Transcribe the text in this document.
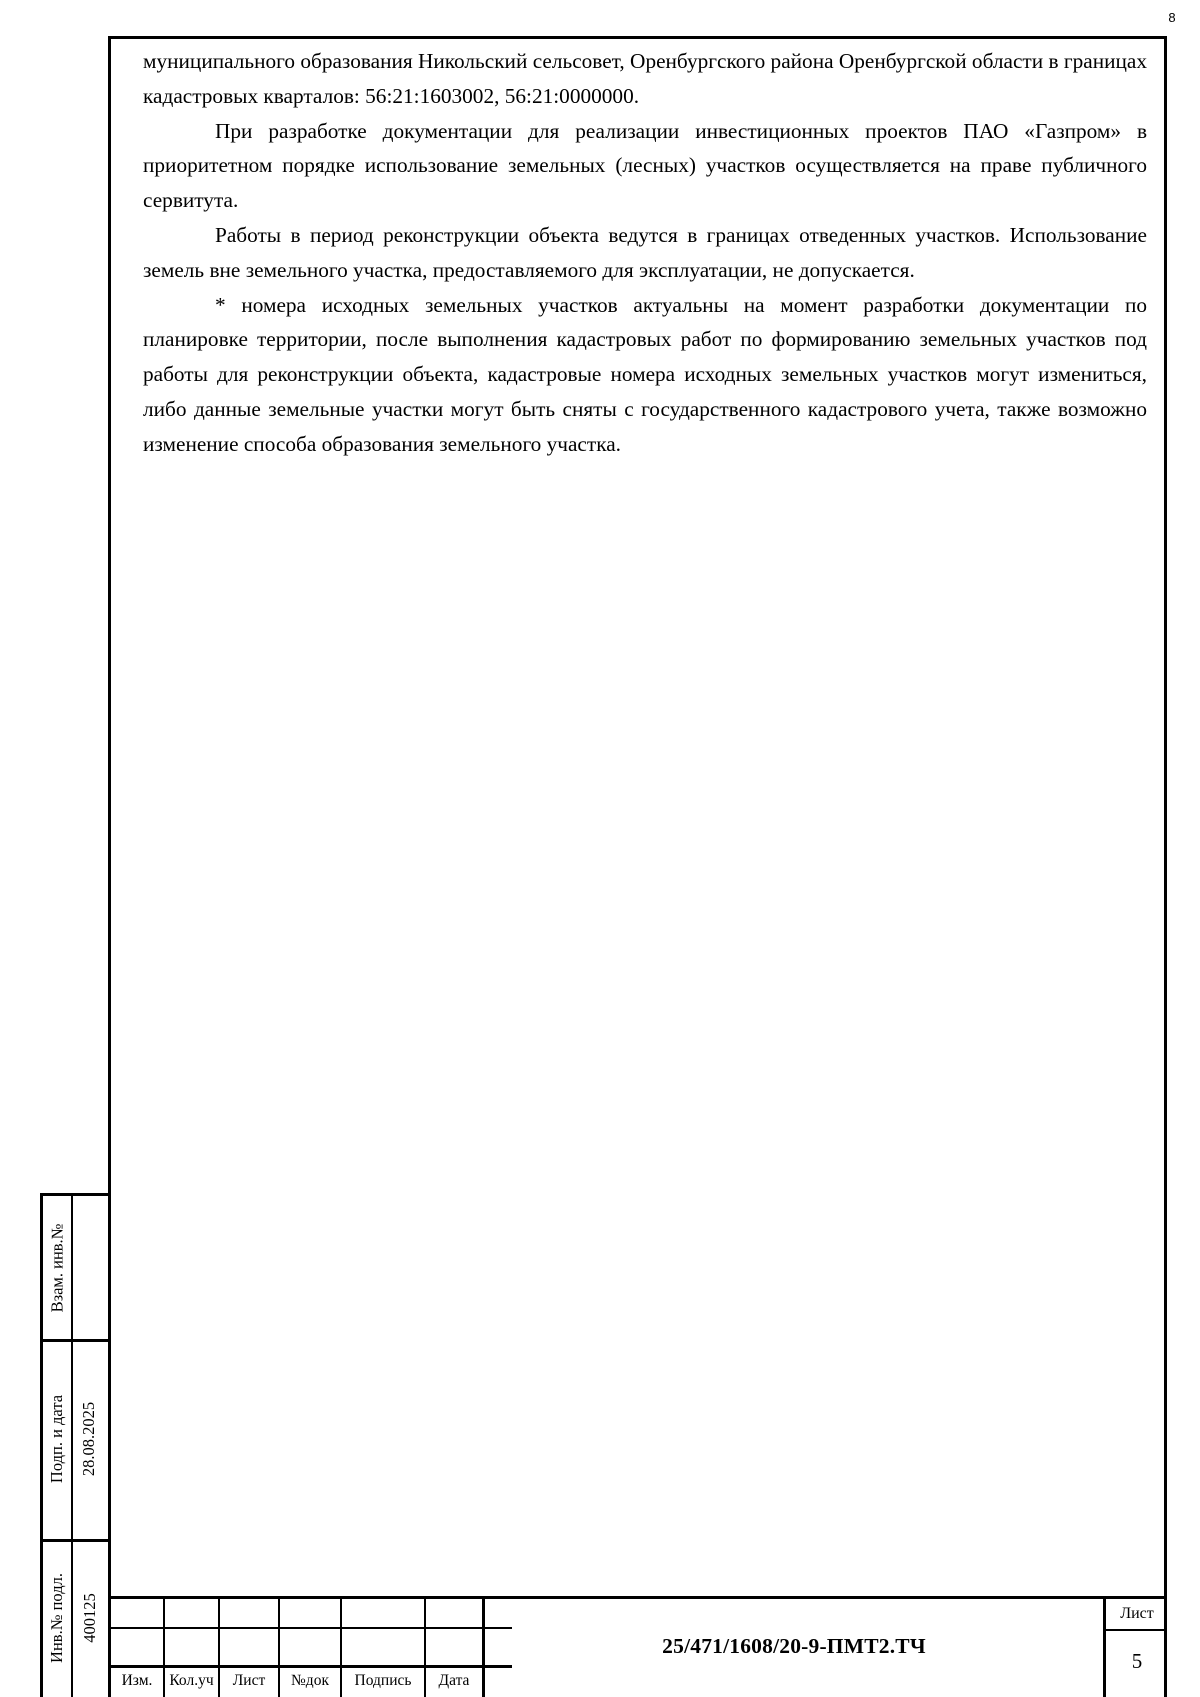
8

муниципального образования Никольский сельсовет, Оренбургского района Оренбургской области в границах кадастровых кварталов: 56:21:1603002, 56:21:0000000.

При разработке документации для реализации инвестиционных проектов ПАО «Газпром» в приоритетном порядке использование земельных (лесных) участков осуществляется на праве публичного сервитута.

Работы в период реконструкции объекта ведутся в границах отведенных участков. Использование земель вне земельного участка, предоставляемого для эксплуатации, не допускается.

* номера исходных земельных участков актуальны на момент разработки документации по планировке территории, после выполнения кадастровых работ по формированию земельных участков под работы для реконструкции объекта, кадастровые номера исходных земельных участков могут измениться, либо данные земельные участки могут быть сняты с государственного кадастрового учета, также возможно изменение способа образования земельного участка.

Взам. инв.№
Подп. и дата 28.08.2025
Инв.№ подл. 400125
Изм.	Кол.уч	Лист	№док	Подпись	Дата
25/471/1608/20-9-ПМТ2.ТЧ
Лист
5
